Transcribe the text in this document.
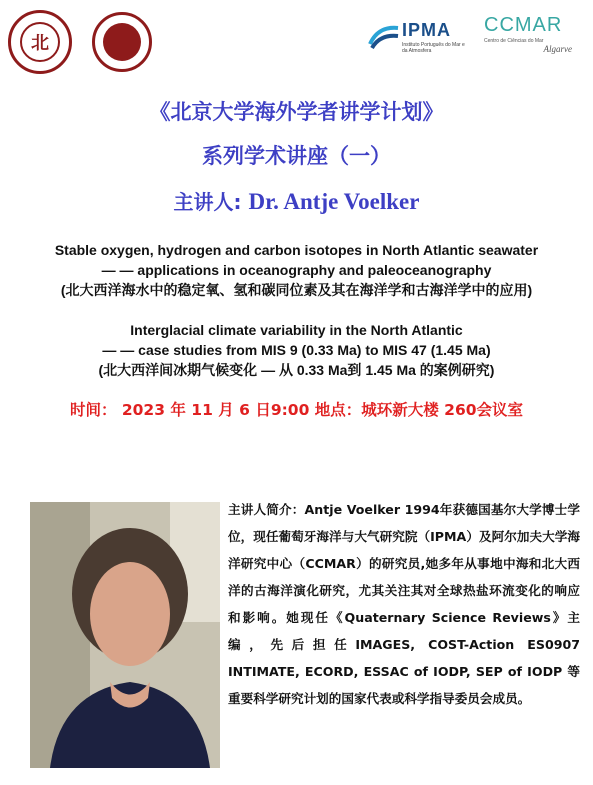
北
IPMA
Instituto Português do Mar e da Atmosfera
CCMAR
Centro de Ciências do Mar
Algarve
《北京大学海外学者讲学计划》
系列学术讲座（一）
主讲人: Dr. Antje Voelker
Stable oxygen, hydrogen and carbon isotopes in North Atlantic seawater
— — applications in oceanography and paleoceanography
(北大西洋海水中的稳定氧、氢和碳同位素及其在海洋学和古海洋学中的应用)
Interglacial climate variability in the North Atlantic
— — case studies from MIS 9 (0.33 Ma) to MIS 47 (1.45 Ma)
(北大西洋间冰期气候变化 — 从 0.33 Ma到 1.45 Ma 的案例研究)
时间： 2023 年 11 月 6 日9:00 地点：城环新大楼 260会议室
主讲人简介：Antje Voelker 1994年获德国基尔大学博士学位，现任葡萄牙海洋与大气研究院（IPMA）及阿尔加夫大学海洋研究中心（CCMAR）的研究员,她多年从事地中海和北大西洋的古海洋演化研究，尤其关注其对全球热盐环流变化的响应和影响。她现任《Quaternary Science Reviews》主编，先后担任IMAGES, COST-Action ES0907 INTIMATE, ECORD, ESSAC of IODP, SEP of IODP 等重要科学研究计划的国家代表或科学指导委员会成员。
